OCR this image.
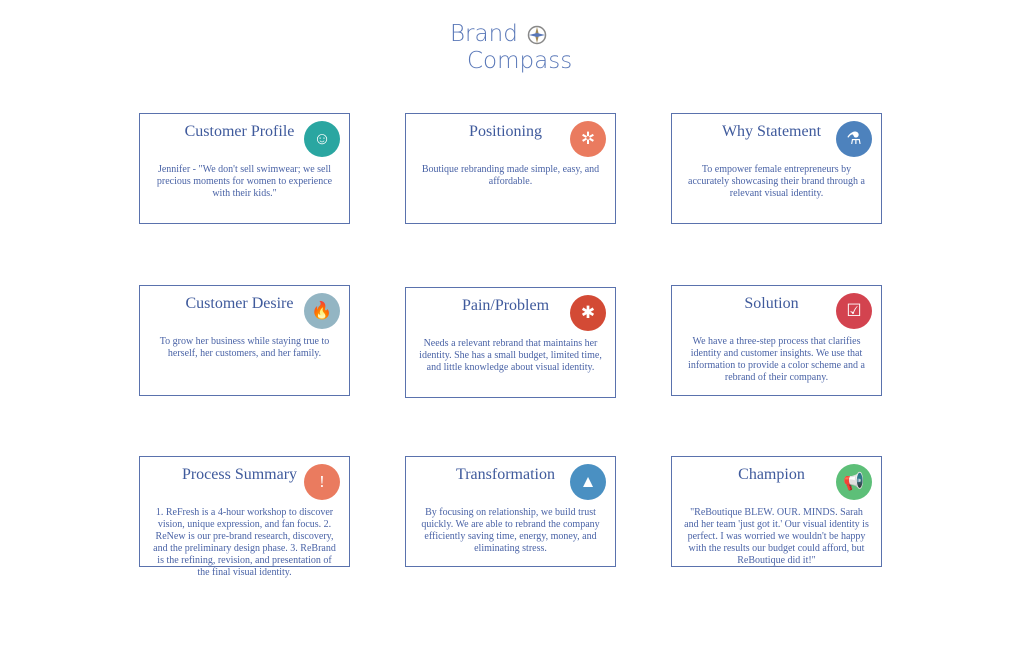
Brand
Compass
Customer Profile	☺

Jennifer - "We don't sell swimwear; we sell precious moments for women to experience with their kids."

Positioning	✲

Boutique rebranding made simple, easy, and affordable.

Why Statement	⚗

To empower female entrepreneurs by accurately showcasing their brand through a relevant visual identity.

Customer Desire	🔥

To grow her business while staying true to herself, her customers, and her family.

Pain/Problem	✱

Needs a relevant rebrand that maintains her identity. She has a small budget, limited time, and little knowledge about visual identity.

Solution	☑

We have a three-step process that clarifies identity and customer insights. We use that information to provide a color scheme and a rebrand of their company.

Process Summary	!

1. ReFresh is a 4-hour workshop to discover vision, unique expression, and fan focus. 2. ReNew is our pre-brand research, discovery, and the preliminary design phase. 3. ReBrand is the refining, revision, and presentation of the final visual identity.

Transformation	▲

By focusing on relationship, we build trust quickly. We are able to rebrand the company efficiently saving time, energy, money, and eliminating stress.

Champion	📢

"ReBoutique BLEW. OUR. MINDS. Sarah and her team 'just got it.' Our visual identity is perfect. I was worried we wouldn't be happy with the results our budget could afford, but ReBoutique did it!"
